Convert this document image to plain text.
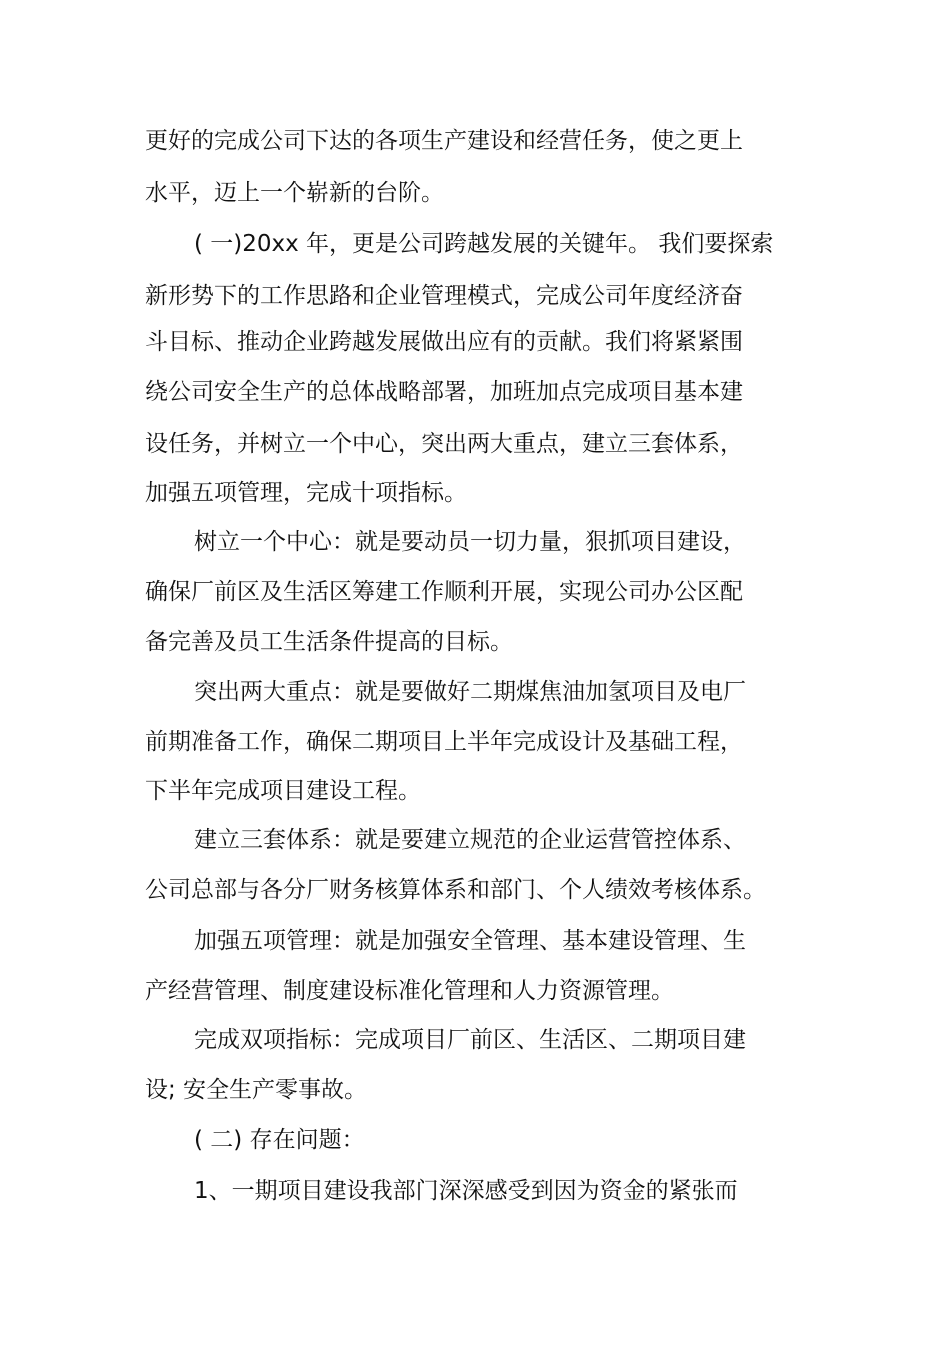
更好的完成公司下达的各项生产建设和经营任务，使之更上
水平，迈上一个崭新的台阶。
( 一)20xx 年，更是公司跨越发展的关键年。 我们要探索
新形势下的工作思路和企业管理模式，完成公司年度经济奋
斗目标、推动企业跨越发展做出应有的贡献。我们将紧紧围
绕公司安全生产的总体战略部署，加班加点完成项目基本建
设任务，并树立一个中心，突出两大重点，建立三套体系，
加强五项管理，完成十项指标。
树立一个中心：就是要动员一切力量，狠抓项目建设，
确保厂前区及生活区筹建工作顺利开展，实现公司办公区配
备完善及员工生活条件提高的目标。
突出两大重点：就是要做好二期煤焦油加氢项目及电厂
前期准备工作，确保二期项目上半年完成设计及基础工程，
下半年完成项目建设工程。
建立三套体系：就是要建立规范的企业运营管控体系、
公司总部与各分厂财务核算体系和部门、个人绩效考核体系。
加强五项管理：就是加强安全管理、基本建设管理、生
产经营管理、制度建设标准化管理和人力资源管理。
完成双项指标：完成项目厂前区、生活区、二期项目建
设; 安全生产零事故。
( 二) 存在问题：
1、一期项目建设我部门深深感受到因为资金的紧张而
